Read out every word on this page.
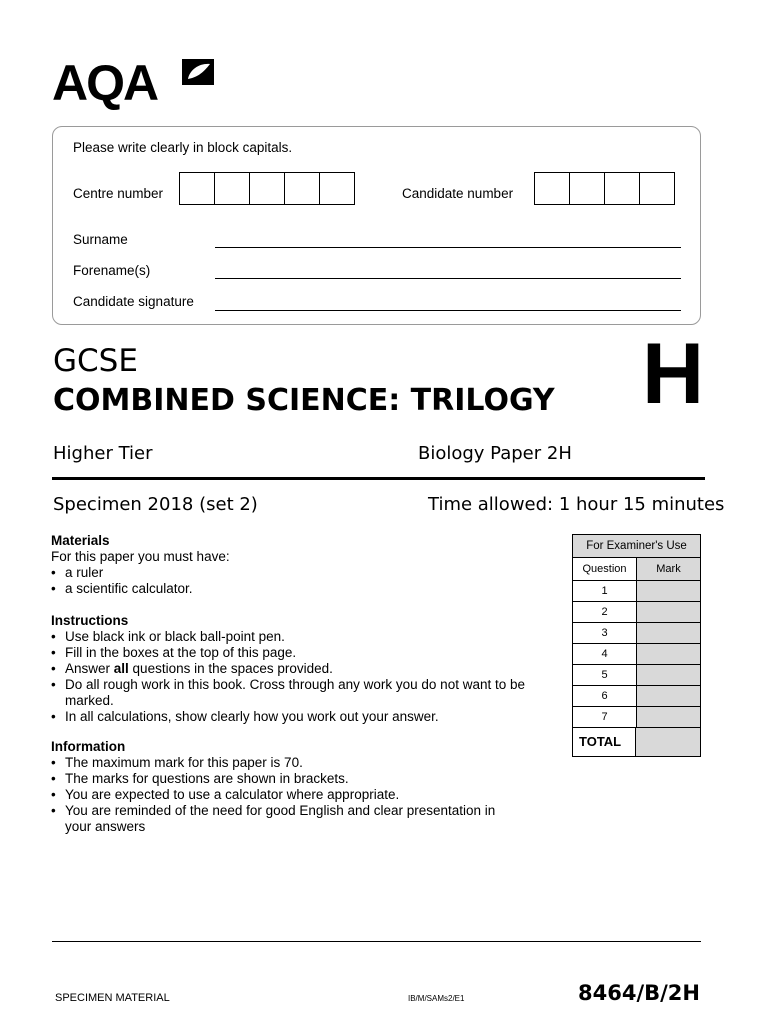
AQA
Please write clearly in block capitals.
Centre number	Candidate number
Surname
Forename(s)
Candidate signature
GCSE
COMBINED SCIENCE: TRILOGY H
Higher Tier	Biology Paper 2H
Specimen 2018 (set 2)	Time allowed: 1 hour 15 minutes
Materials
For this paper you must have:
• a ruler
• a scientific calculator.
Instructions
• Use black ink or black ball-point pen.
• Fill in the boxes at the top of this page.
• Answer all questions in the spaces provided.
• Do all rough work in this book. Cross through any work you do not want to be marked.
• In all calculations, show clearly how you work out your answer.
Information
• The maximum mark for this paper is 70.
• The marks for questions are shown in brackets.
• You are expected to use a calculator where appropriate.
• You are reminded of the need for good English and clear presentation in your answers
For Examiner's Use
Question	Mark
1
2
3
4
5
6
7
TOTAL
SPECIMEN MATERIAL	IB/M/SAMs2/E1	8464/B/2H
